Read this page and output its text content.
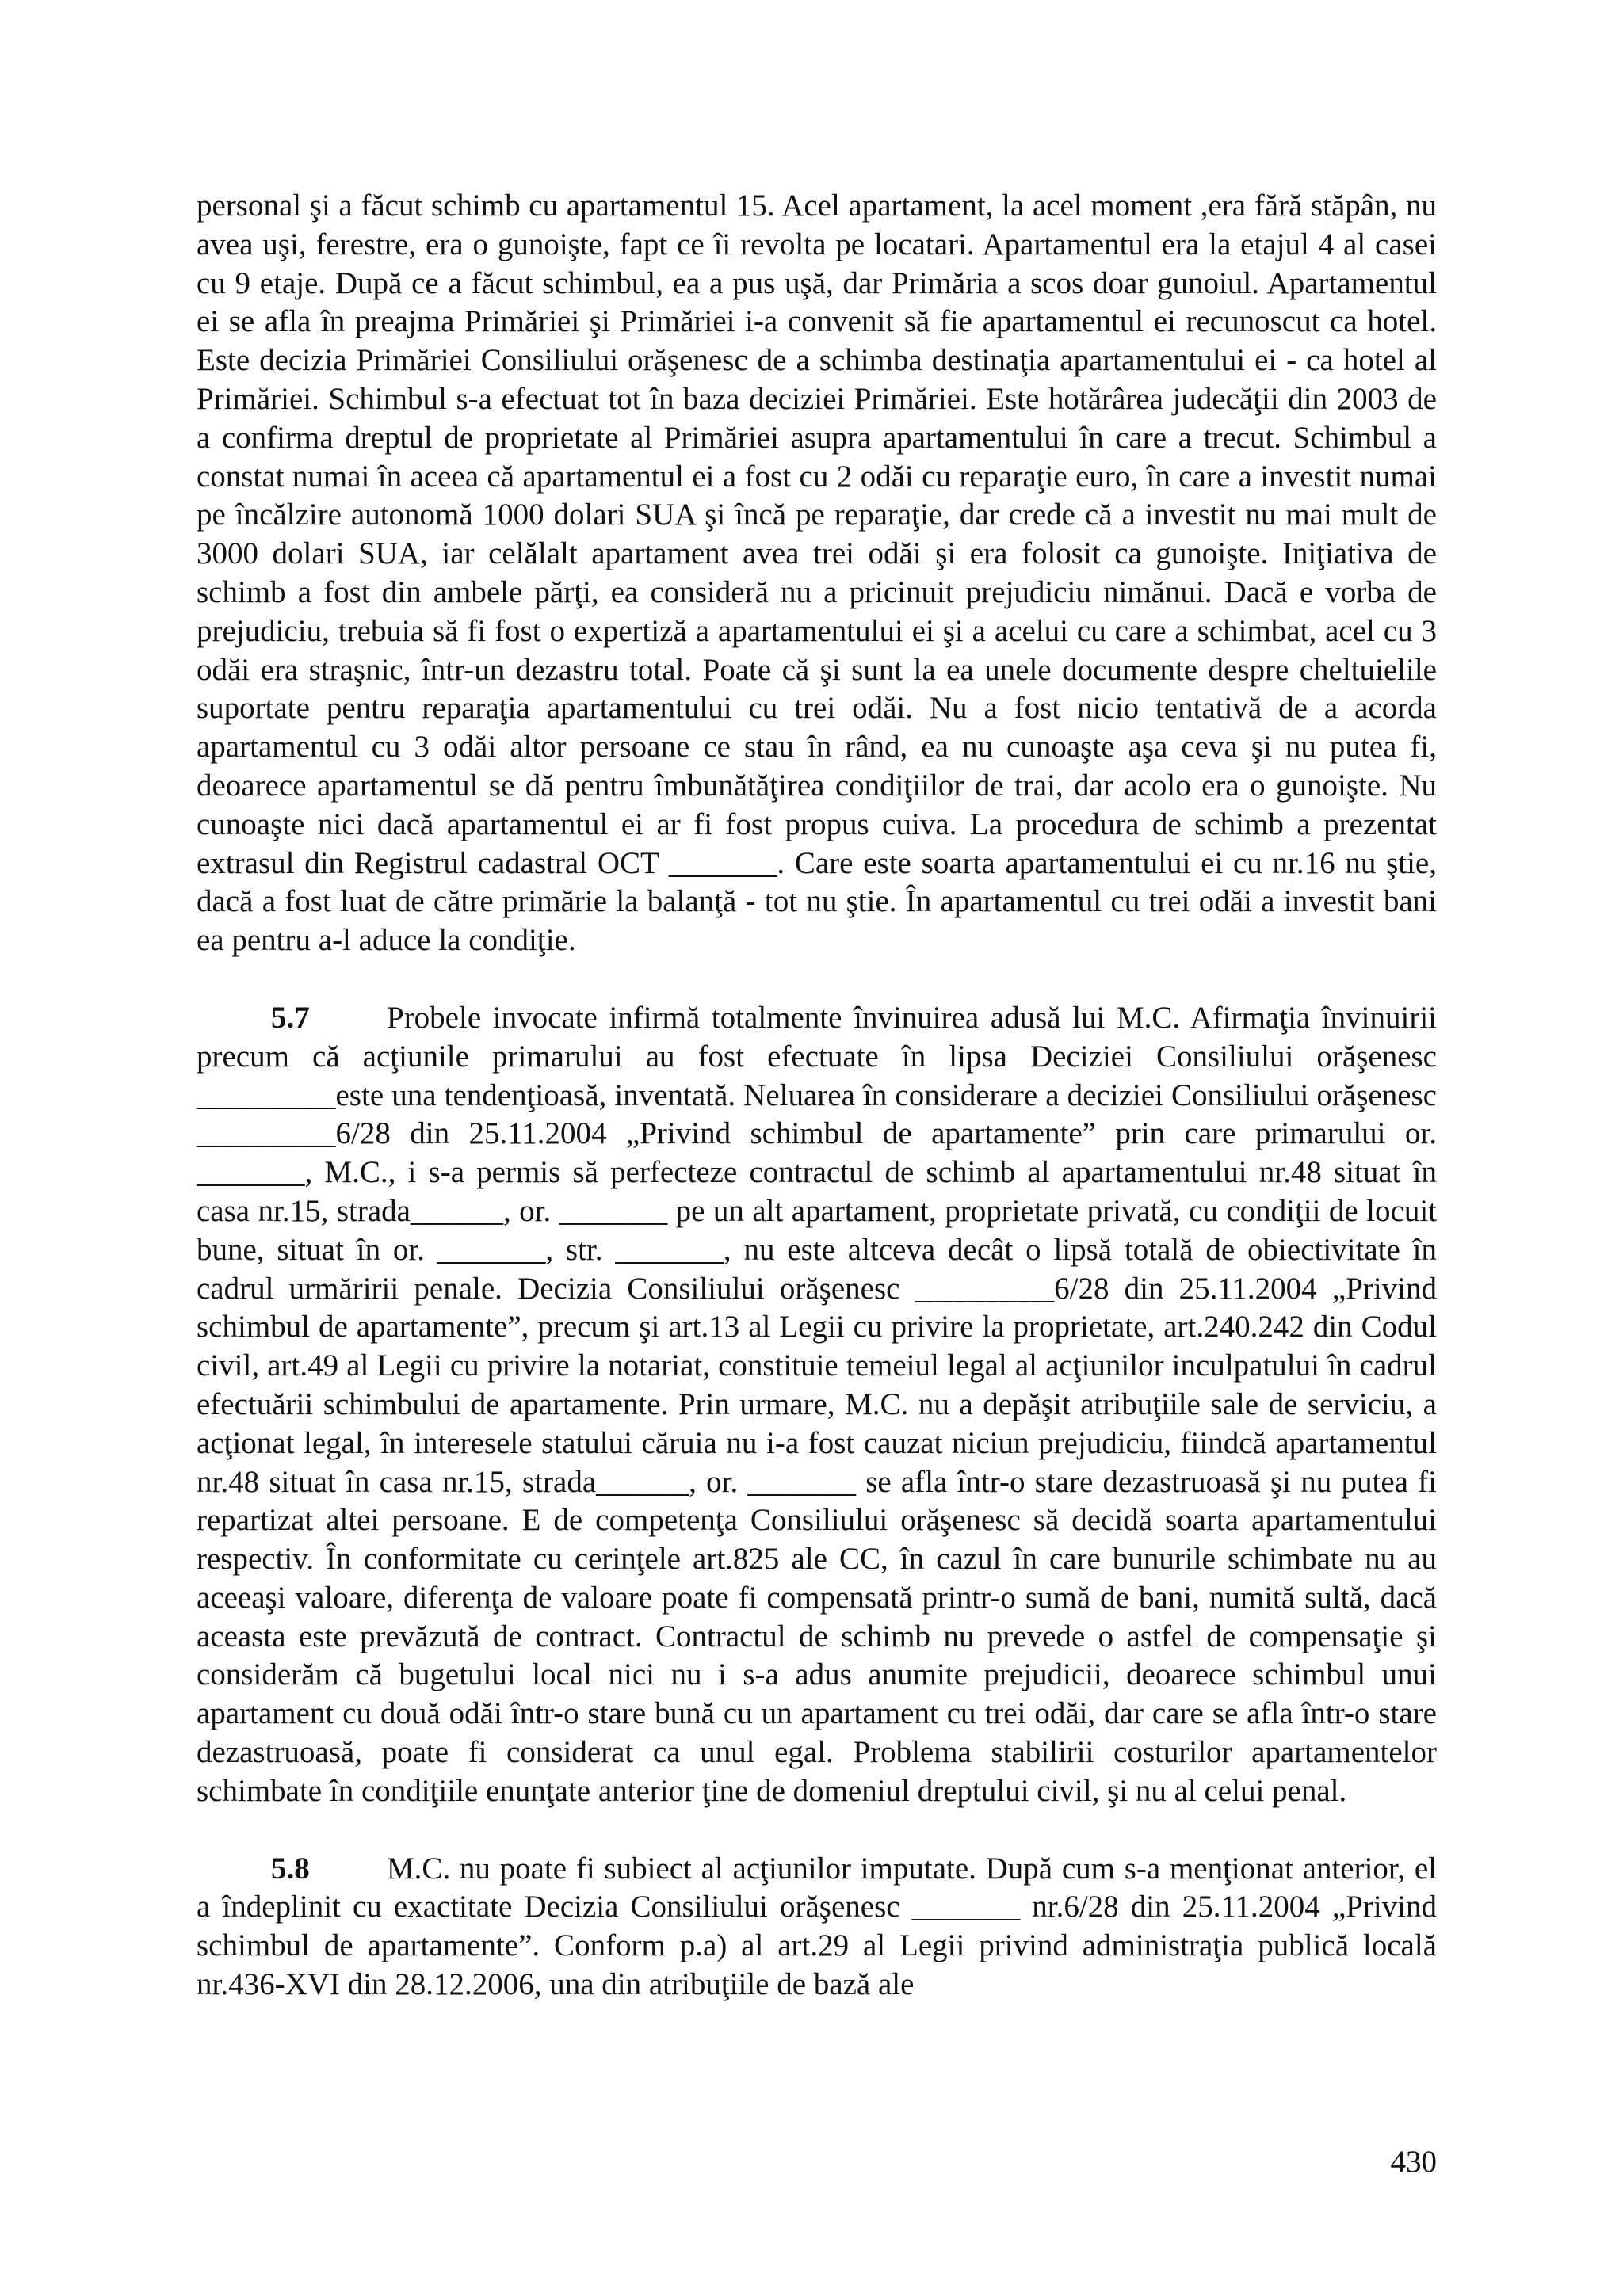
personal şi a făcut schimb cu apartamentul 15. Acel apartament, la acel moment ,era fără stăpân, nu avea uşi, ferestre, era o gunoişte, fapt ce îi revolta pe locatari. Apartamentul era la etajul 4 al casei cu 9 etaje. După ce a făcut schimbul, ea a pus uşă, dar Primăria a scos doar gunoiul. Apartamentul ei se afla în preajma Primăriei şi Primăriei i-a convenit să fie apartamentul ei recunoscut ca hotel. Este decizia Primăriei Consiliului orăşenesc de a schimba destinaţia apartamentului ei - ca hotel al Primăriei. Schimbul s-a efectuat tot în baza deciziei Primăriei. Este hotărârea judecăţii din 2003 de a confirma dreptul de proprietate al Primăriei asupra apartamentului în care a trecut. Schimbul a constat numai în aceea că apartamentul ei a fost cu 2 odăi cu reparaţie euro, în care a investit numai pe încălzire autonomă 1000 dolari SUA şi încă pe reparaţie, dar crede că a investit nu mai mult de 3000 dolari SUA, iar celălalt apartament avea trei odăi şi era folosit ca gunoişte. Iniţiativa de schimb a fost din ambele părţi, ea consideră nu a pricinuit prejudiciu nimănui. Dacă e vorba de prejudiciu, trebuia să fi fost o expertiză a apartamentului ei şi a acelui cu care a schimbat, acel cu 3 odăi era straşnic, într-un dezastru total. Poate că şi sunt la ea unele documente despre cheltuielile suportate pentru reparaţia apartamentului cu trei odăi. Nu a fost nicio tentativă de a acorda apartamentul cu 3 odăi altor persoane ce stau în rând, ea nu cunoaşte aşa ceva şi nu putea fi, deoarece apartamentul se dă pentru îmbunătăţirea condiţiilor de trai, dar acolo era o gunoişte. Nu cunoaşte nici dacă apartamentul ei ar fi fost propus cuiva. La procedura de schimb a prezentat extrasul din Registrul cadastral OCT _______. Care este soarta apartamentului ei cu nr.16 nu ştie, dacă a fost luat de către primărie la balanţă - tot nu ştie. În apartamentul cu trei odăi a investit bani ea pentru a-l aduce la condiţie.

5.7 Probele invocate infirmă totalmente învinuirea adusă lui M.C. Afirmaţia învinuirii precum că acţiunile primarului au fost efectuate în lipsa Deciziei Consiliului orăşenesc _________este una tendenţioasă, inventată. Neluarea în considerare a deciziei Consiliului orăşenesc _________6/28 din 25.11.2004 „Privind schimbul de apartamente” prin care primarului or. _______, M.C., i s-a permis să perfecteze contractul de schimb al apartamentului nr.48 situat în casa nr.15, strada______, or. _______ pe un alt apartament, proprietate privată, cu condiţii de locuit bune, situat în or. _______, str. _______, nu este altceva decât o lipsă totală de obiectivitate în cadrul urmăririi penale. Decizia Consiliului orăşenesc _________6/28 din 25.11.2004 „Privind schimbul de apartamente”, precum şi art.13 al Legii cu privire la proprietate, art.240.242 din Codul civil, art.49 al Legii cu privire la notariat, constituie temeiul legal al acţiunilor inculpatului în cadrul efectuării schimbului de apartamente. Prin urmare, M.C. nu a depăşit atribuţiile sale de serviciu, a acţionat legal, în interesele statului căruia nu i-a fost cauzat niciun prejudiciu, fiindcă apartamentul nr.48 situat în casa nr.15, strada______, or. _______ se afla într-o stare dezastruoasă şi nu putea fi repartizat altei persoane. E de competenţa Consiliului orăşenesc să decidă soarta apartamentului respectiv. În conformitate cu cerinţele art.825 ale CC, în cazul în care bunurile schimbate nu au aceeaşi valoare, diferenţa de valoare poate fi compensată printr-o sumă de bani, numită sultă, dacă aceasta este prevăzută de contract. Contractul de schimb nu prevede o astfel de compensaţie şi considerăm că bugetului local nici nu i s-a adus anumite prejudicii, deoarece schimbul unui apartament cu două odăi într-o stare bună cu un apartament cu trei odăi, dar care se afla într-o stare dezastruoasă, poate fi considerat ca unul egal. Problema stabilirii costurilor apartamentelor schimbate în condiţiile enunţate anterior ţine de domeniul dreptului civil, şi nu al celui penal.

5.8 M.C. nu poate fi subiect al acţiunilor imputate. După cum s-a menţionat anterior, el a îndeplinit cu exactitate Decizia Consiliului orăşenesc _______ nr.6/28 din 25.11.2004 „Privind schimbul de apartamente”. Conform p.a) al art.29 al Legii privind administraţia publică locală nr.436-XVI din 28.12.2006, una din atribuţiile de bază ale

430
